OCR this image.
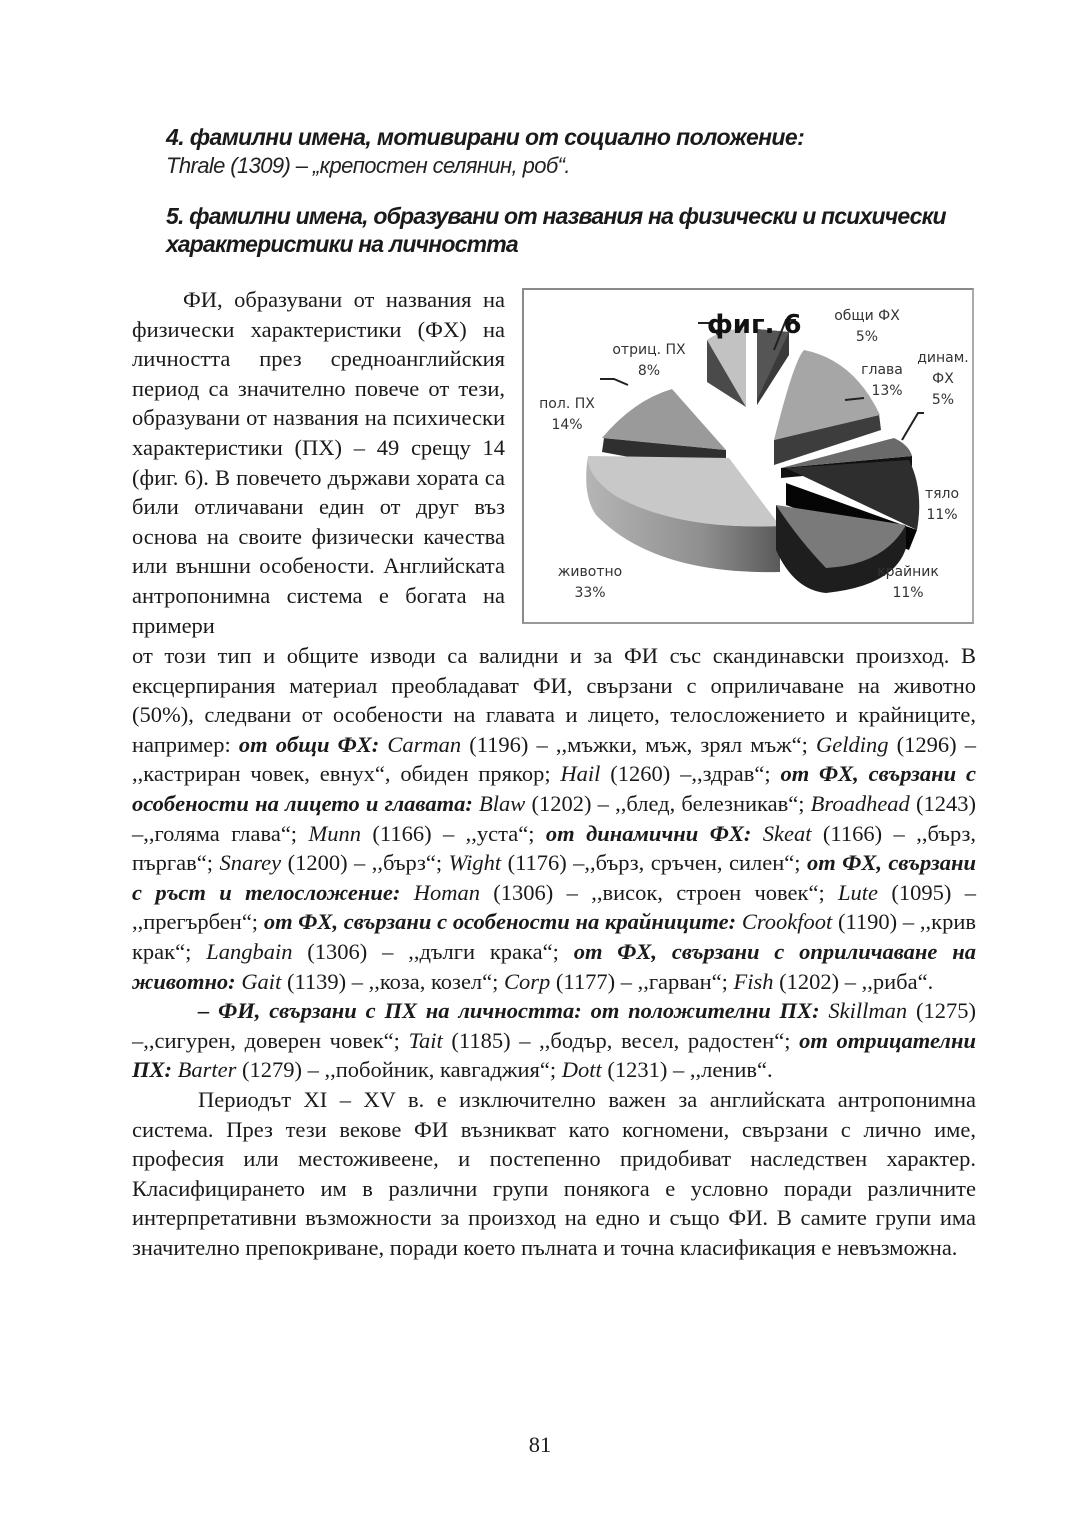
4. фамилни имена, мотивирани от социално положение:
Thrale (1309) – „крепостен селянин, роб“.
5. фамилни имена, образувани от названия на физически и психически характеристики на личността

ФИ, образувани от названия на физически характеристики (ФХ) на личността през средноанглийския период са значително повече от тези, образувани от названия на психически характеристики (ПХ) – 49 срещу 14 (фиг. 6). В повечето държави хората са били отличавани един от друг въз основа на своите физически качества или външни особености. Английската антропонимна система е богата на примери

фиг. 6	общи ФХ
5%
глава
13%
динам.
ФХ
5%
тяло
11%
крайник
11%
животно
33%
пол. ПХ
14%
отриц. ПХ
8%

от този тип и общите изводи са валидни и за ФИ със скандинавски произход. В ексцерпирания материал преобладават ФИ, свързани с оприличаване на животно (50%), следвани от особености на главата и лицето, телосложението и крайниците, например: от общи ФХ: Carman (1196) – ,,мъжки, мъж, зрял мъж“; Gelding (1296) – ,,кастриран човек, евнух“, обиден прякор; Hail (1260) –,,здрав“; от ФХ, свързани с особености на лицето и главата: Blaw (1202) – ,,блед, белезникав“; Broadhead (1243) –,,голяма глава“; Munn (1166) – ,,уста“; от динамични ФХ: Skeat (1166) – ,,бърз, пъргав“; Snarey (1200) – ,,бърз“; Wight (1176) –,,бърз, сръчен, силен“; от ФХ, свързани с ръст и телосложение: Homan (1306) – ,,висок, строен човек“; Lute (1095) – ,,прегърбен“; от ФХ, свързани с особености на крайниците: Crookfoot (1190) – ,,крив крак“; Langbain (1306) – ,,дълги крака“; от ФХ, свързани с оприличаване на животно: Gait (1139) – ,,коза, козел“; Corp (1177) – ,,гарван“; Fish (1202) – ,,риба“.

– ФИ, свързани с ПХ на личността: от положителни ПХ: Skillman (1275) –,,сигурен, доверен човек“; Tait (1185) – ,,бодър, весел, радостен“; от отрицателни ПХ: Barter (1279) – ,,побойник, кавгаджия“; Dott (1231) – ,,ленив“.

Периодът XI – XV в. е изключително важен за английската антропонимна система. През тези векове ФИ възникват като когномени, свързани с лично име, професия или местоживеене, и постепенно придобиват наследствен характер. Класифицирането им в различни групи понякога е условно поради различните интерпретативни възможности за произход на едно и също ФИ. В самите групи има значително препокриване, поради което пълната и точна класификация е невъзможна.

81
